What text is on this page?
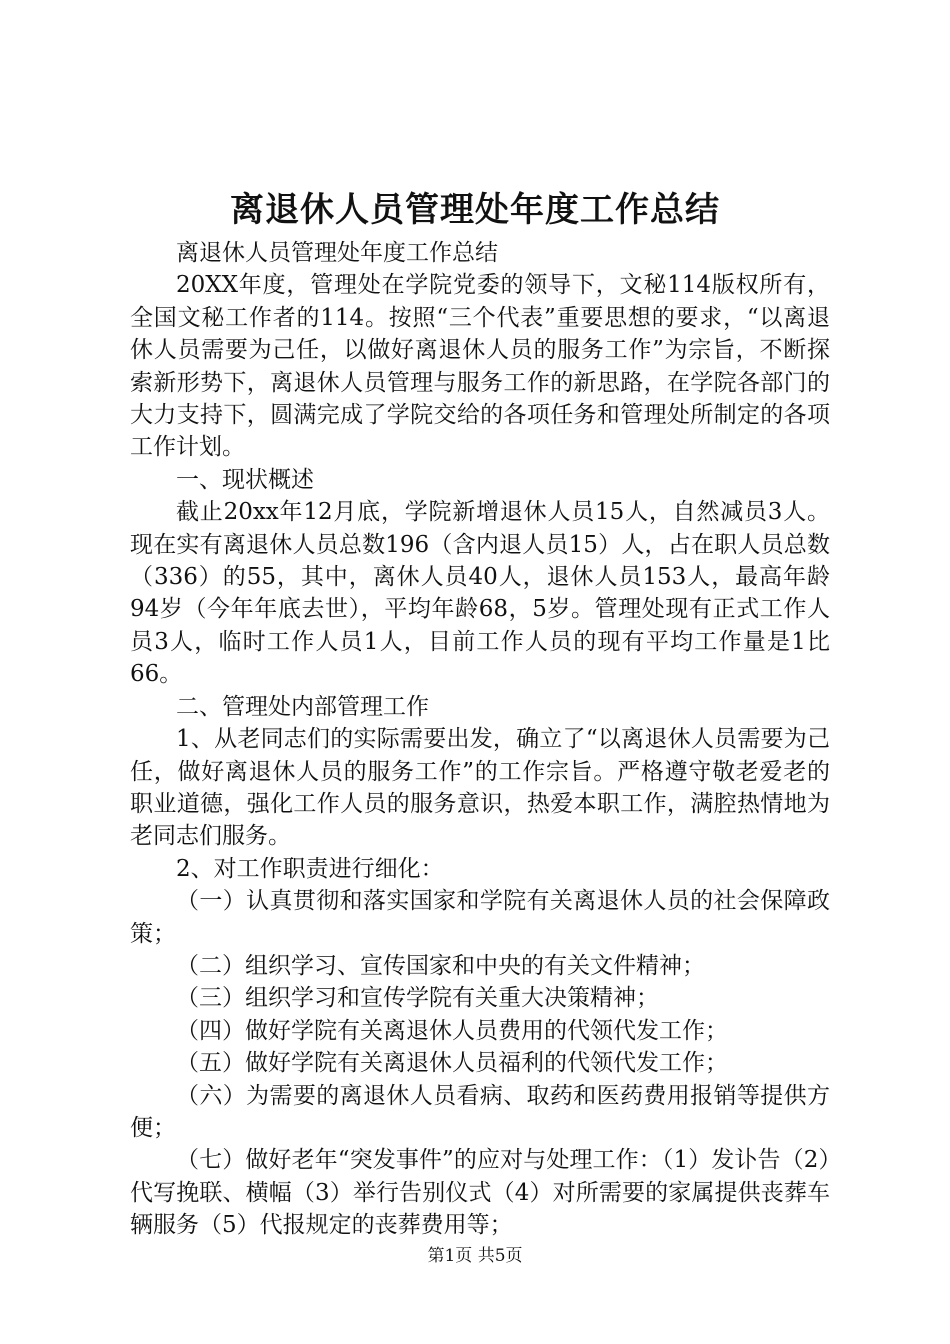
离退休人员管理处年度工作总结

离退休人员管理处年度工作总结

20XX年度，管理处在学院党委的领导下，文秘114版权所有，全国文秘工作者的114。按照“三个代表”重要思想的要求，“以离退休人员需要为己任，以做好离退休人员的服务工作”为宗旨，不断探索新形势下，离退休人员管理与服务工作的新思路，在学院各部门的大力支持下，圆满完成了学院交给的各项任务和管理处所制定的各项工作计划。

一、现状概述

截止20xx年12月底，学院新增退休人员15人，自然减员3人。现在实有离退休人员总数196（含内退人员15）人，占在职人员总数（336）的55，其中，离休人员40人，退休人员153人，最高年龄94岁（今年年底去世），平均年龄68，5岁。管理处现有正式工作人员3人，临时工作人员1人，目前工作人员的现有平均工作量是1比66。

二、管理处内部管理工作

1、从老同志们的实际需要出发，确立了“以离退休人员需要为己任，做好离退休人员的服务工作”的工作宗旨。严格遵守敬老爱老的职业道德，强化工作人员的服务意识，热爱本职工作，满腔热情地为老同志们服务。

2、对工作职责进行细化：

（一）认真贯彻和落实国家和学院有关离退休人员的社会保障政策；

（二）组织学习、宣传国家和中央的有关文件精神；

（三）组织学习和宣传学院有关重大决策精神；

（四）做好学院有关离退休人员费用的代领代发工作；

（五）做好学院有关离退休人员福利的代领代发工作；

（六）为需要的离退休人员看病、取药和医药费用报销等提供方便；

（七）做好老年“突发事件”的应对与处理工作：（1）发讣告（2）代写挽联、横幅（3）举行告别仪式（4）对所需要的家属提供丧葬车辆服务（5）代报规定的丧葬费用等；

第1页 共5页
